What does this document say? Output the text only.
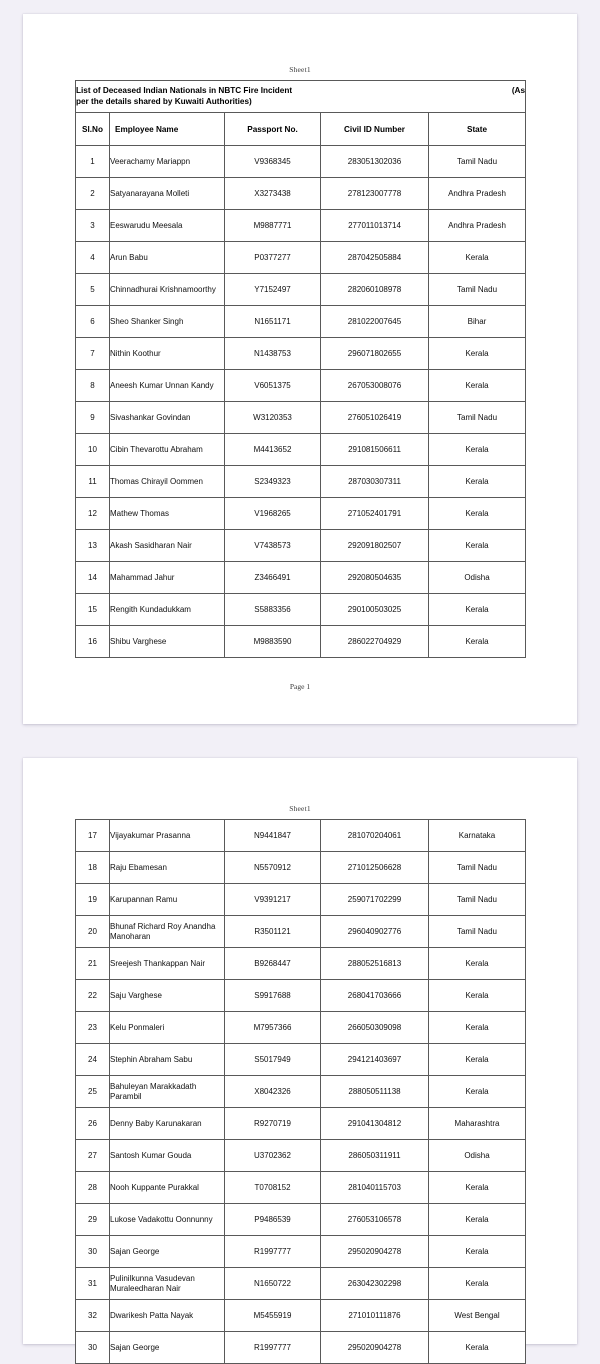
Sheet1
List of Deceased Indian Nationals in NBTC Fire Incident
per the details shared by Kuwaiti Authorities)
(As				

Sl.No	Employee Name	Passport No.	Civil ID Number	State
1	Veerachamy Mariappn	V9368345	283051302036	Tamil Nadu
2	Satyanarayana Molleti	X3273438	278123007778	Andhra Pradesh
3	Eeswarudu Meesala	M9887771	277011013714	Andhra Pradesh
4	Arun Babu	P0377277	287042505884	Kerala
5	Chinnadhurai Krishnamoorthy	Y7152497	282060108978	Tamil Nadu
6	Sheo Shanker Singh	N1651171	281022007645	Bihar
7	Nithin Koothur	N1438753	296071802655	Kerala
8	Aneesh Kumar Unnan Kandy	V6051375	267053008076	Kerala
9	Sivashankar Govindan	W3120353	276051026419	Tamil Nadu
10	Cibin Thevarottu Abraham	M4413652	291081506611	Kerala
11	Thomas Chirayil Oommen	S2349323	287030307311	Kerala
12	Mathew Thomas	V1968265	271052401791	Kerala
13	Akash Sasidharan Nair	V7438573	292091802507	Kerala
14	Mahammad Jahur	Z3466491	292080504635	Odisha
15	Rengith Kundadukkam	S5883356	290100503025	Kerala
16	Shibu Varghese	M9883590	286022704929	Kerala
Page 1
Sheet1
17	Vijayakumar Prasanna	N9441847	281070204061	Karnataka
18	Raju Ebamesan	N5570912	271012506628	Tamil Nadu
19	Karupannan Ramu	V9391217	259071702299	Tamil Nadu
20	Bhunaf Richard Roy Anandha Manoharan	R3501121	296040902776	Tamil Nadu
21	Sreejesh Thankappan Nair	B9268447	288052516813	Kerala
22	Saju Varghese	S9917688	268041703666	Kerala
23	Kelu Ponmaleri	M7957366	266050309098	Kerala
24	Stephin Abraham Sabu	S5017949	294121403697	Kerala
25	Bahuleyan Marakkadath Parambil	X8042326	288050511138	Kerala
26	Denny Baby Karunakaran	R9270719	291041304812	Maharashtra
27	Santosh Kumar Gouda	U3702362	286050311911	Odisha
28	Nooh Kuppante Purakkal	T0708152	281040115703	Kerala
29	Lukose Vadakottu Oonnunny	P9486539	276053106578	Kerala
30	Sajan George	R1997777	295020904278	Kerala
31	Pulinilkunna Vasudevan Muraleedharan Nair	N1650722	263042302298	Kerala
32	Dwarikesh Patta Nayak	M5455919	271010111876	West Bengal
30	Sajan George	R1997777	295020904278	Kerala
